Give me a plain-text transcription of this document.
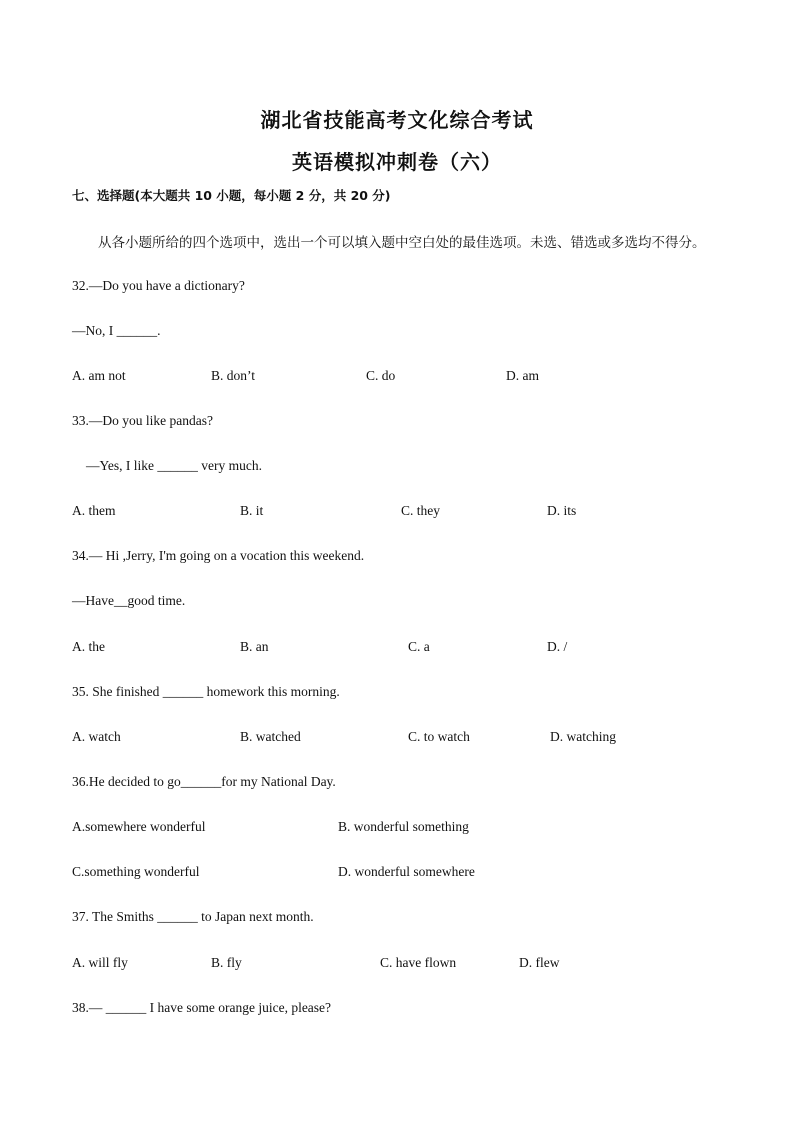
湖北省技能高考文化综合考试
英语模拟冲刺卷（六）
七、选择题(本大题共 10 小题，每小题 2 分，共 20 分)
从各小题所给的四个选项中，选出一个可以填入题中空白处的最佳选项。未选、错选或多选均不得分。
32.—Do you have a dictionary?
—No, I ______.
A. am not	B. don’t	C. do	D. am
33.—Do you like pandas?
—Yes, I like ______ very much.
A. them	B. it	C. they	D. its
34.— Hi ,Jerry, I'm going on a vocation this weekend.
—Have__good time.
A. the	B. an	C. a	D. /
35. She finished ______ homework this morning.
A. watch	B. watched	C. to watch	D. watching
36.He decided to go______for my National Day.
A.somewhere wonderful	B. wonderful something
C.something wonderful	D. wonderful somewhere
37. The Smiths ______ to Japan next month.
A. will fly	B. fly	C. have flown	D. flew
38.— ______ I have some orange juice, please?
